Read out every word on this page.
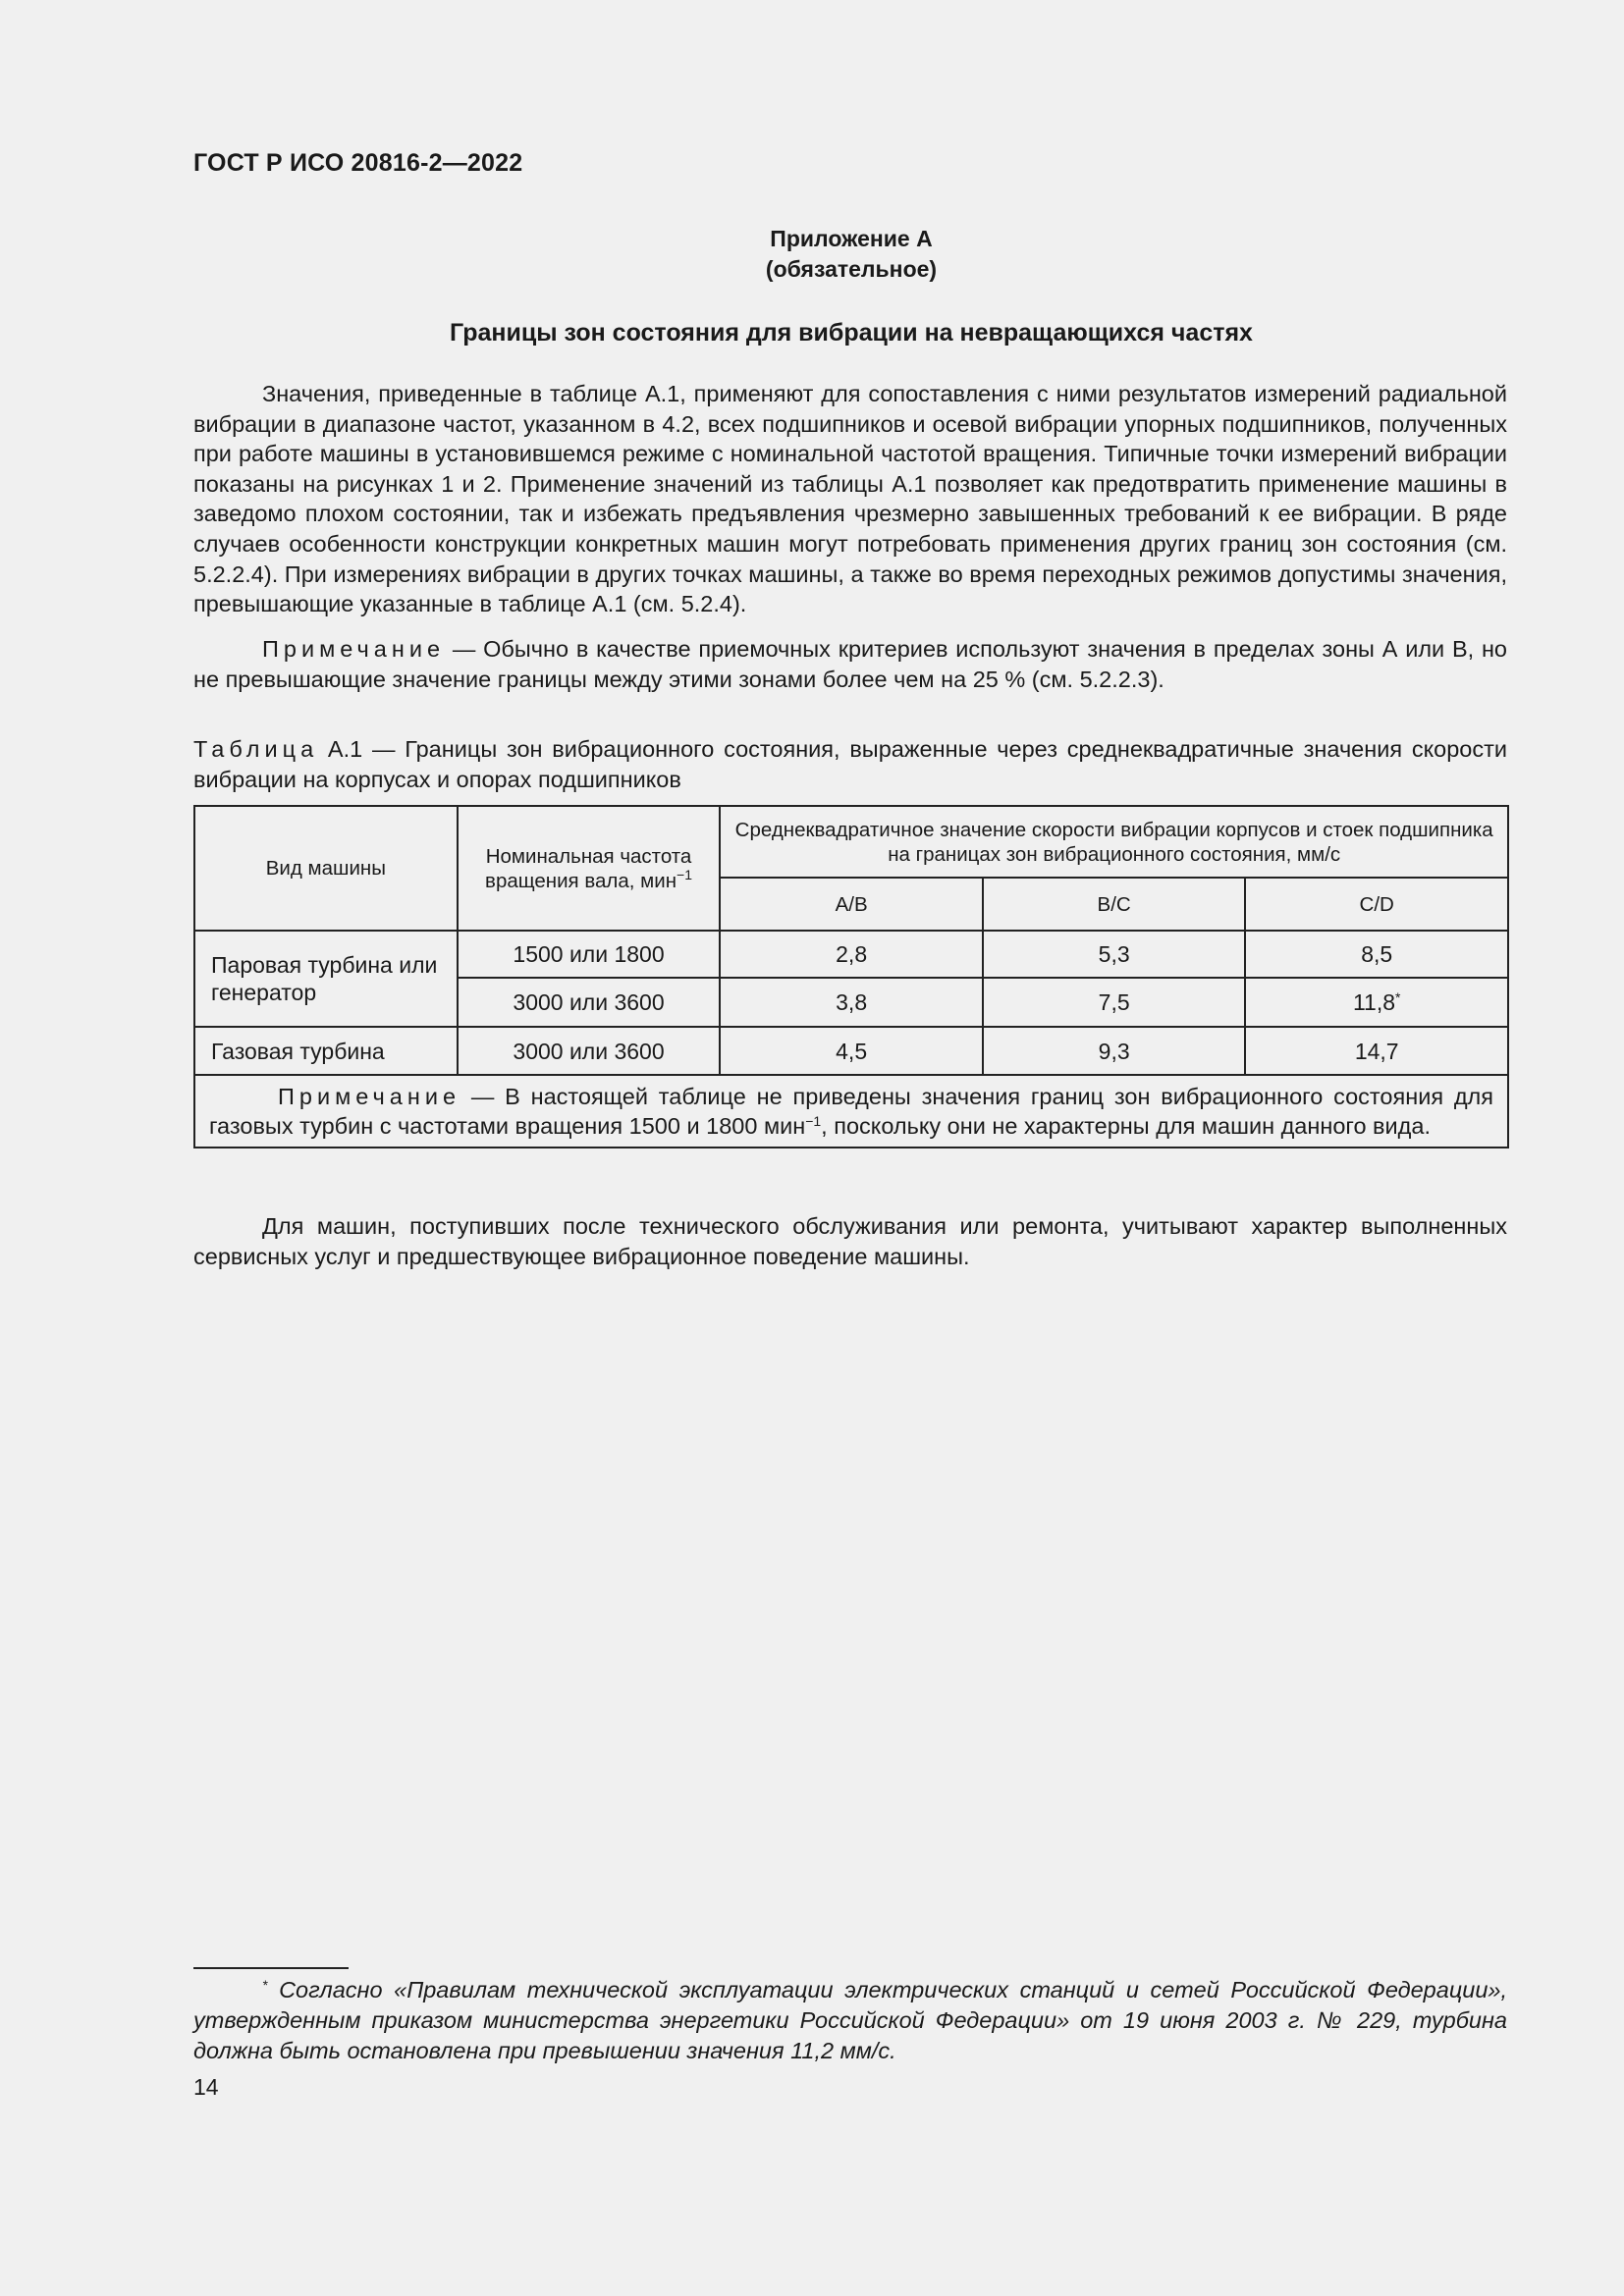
ГОСТ Р ИСО 20816-2—2022
Приложение А
(обязательное)
Границы зон состояния для вибрации на невращающихся частях
Значения, приведенные в таблице А.1, применяют для сопоставления с ними результатов измерений радиальной вибрации в диапазоне частот, указанном в 4.2, всех подшипников и осевой вибрации упорных подшипников, полученных при работе машины в установившемся режиме с номинальной частотой вращения. Типичные точки измерений вибрации показаны на рисунках 1 и 2. Применение значений из таблицы А.1 позволяет как предотвратить применение машины в заведомо плохом состоянии, так и избежать предъявления чрезмерно завышенных требований к ее вибрации. В ряде случаев особенности конструкции конкретных машин могут потребовать применения других границ зон состояния (см. 5.2.2.4). При измерениях вибрации в других точках машины, а также во время переходных режимов допустимы значения, превышающие указанные в таблице А.1 (см. 5.2.4).
Примечание — Обычно в качестве приемочных критериев используют значения в пределах зоны А или В, но не превышающие значение границы между этими зонами более чем на 25 % (см. 5.2.2.3).
Таблица А.1 — Границы зон вибрационного состояния, выраженные через среднеквадратичные значения скорости вибрации на корпусах и опорах подшипников
Вид машины	Номинальная частота вращения вала, мин$^{-1}$	Среднеквадратичное значение скорости вибрации корпусов и стоек подшипника на границах зон вибрационного состояния, мм/с		
		A/B	B/C	C/D
Паровая турбина или генератор	1500 или 1800	2,8	5,3	8,5
	3000 или 3600	3,8	7,5	11,8*
Газовая турбина	3000 или 3600	4,5	9,3	14,7
Примечание — В настоящей таблице не приведены значения границ зон вибрационного состояния для газовых турбин с частотами вращения 1500 и 1800 мин$^{-1}$, поскольку они не характерны для машин данного вида.				
Для машин, поступивших после технического обслуживания или ремонта, учитывают характер выполненных сервисных услуг и предшествующее вибрационное поведение машины.
* Согласно «Правилам технической эксплуатации электрических станций и сетей Российской Федерации», утвержденным приказом министерства энергетики Российской Федерации» от 19 июня 2003 г. № 229, турбина должна быть остановлена при превышении значения 11,2 мм/с.
14
